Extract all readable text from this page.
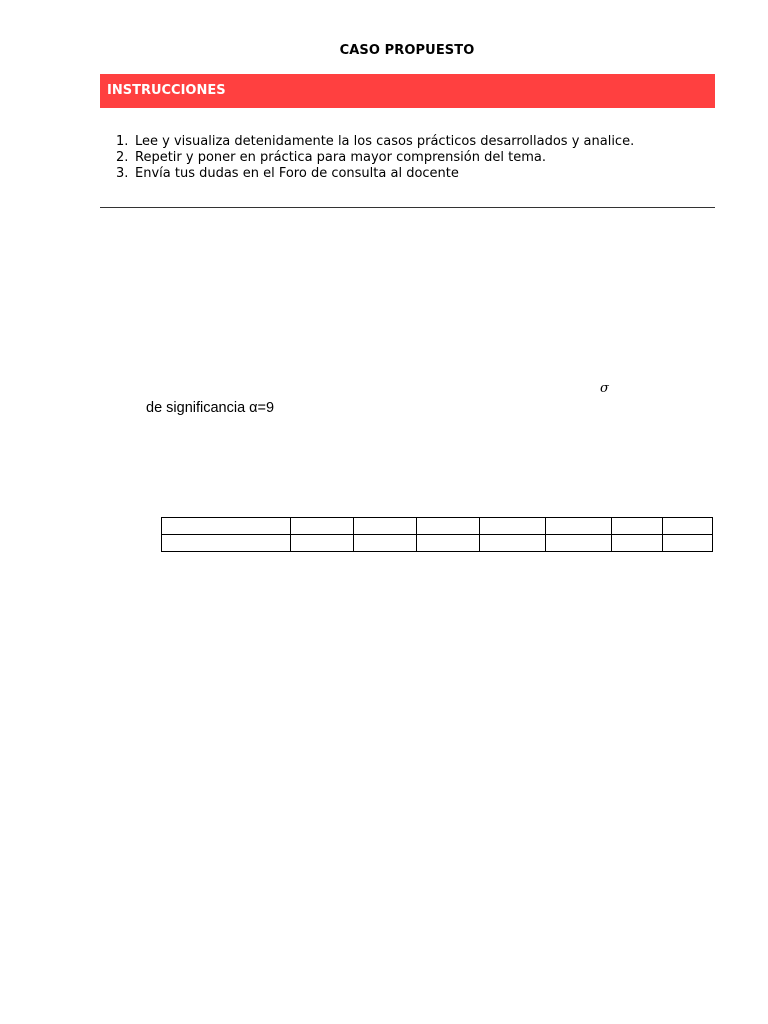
CASO PROPUESTO
INSTRUCCIONES
1. Lee y visualiza detenidamente la los casos prácticos desarrollados y analice.
2. Repetir y poner en práctica para mayor comprensión del tema.
3. Envía tus dudas en el Foro de consulta al docente
σ
de significancia α=9
